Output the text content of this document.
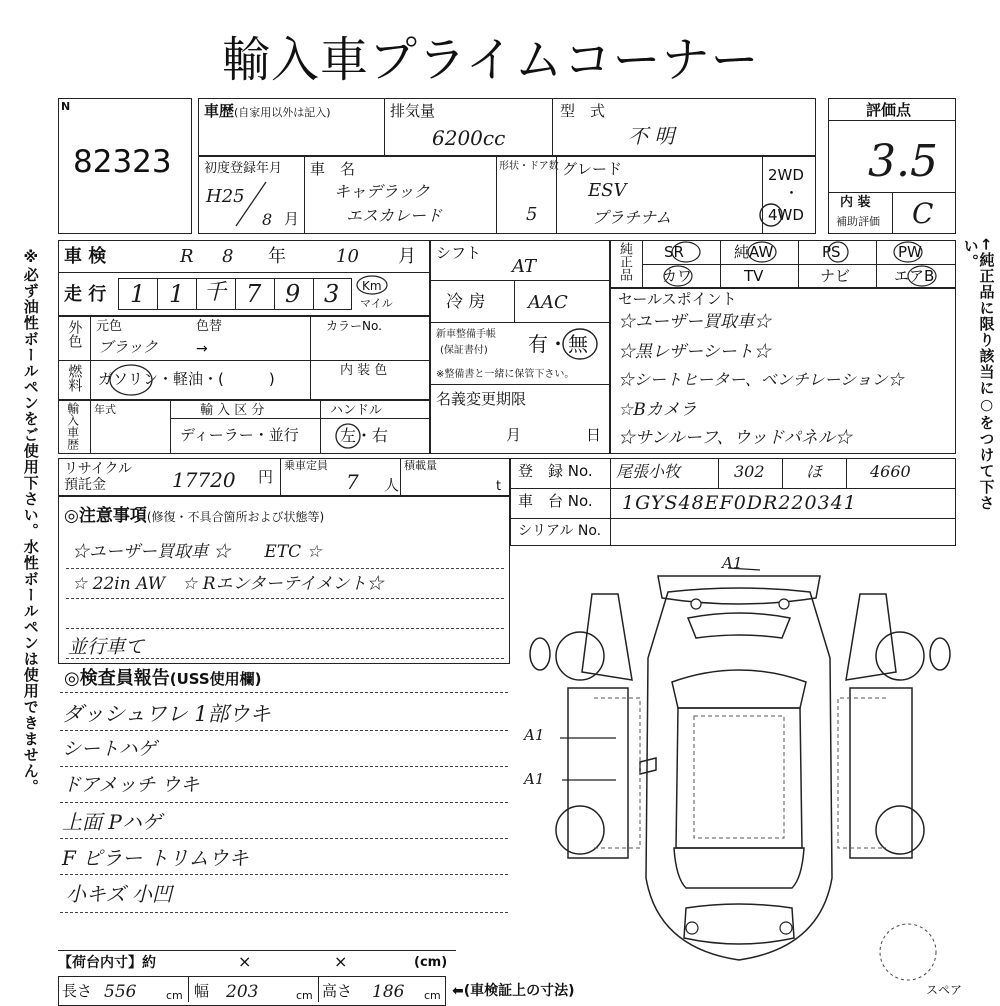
輸入車プライムコーナー
※必ず油性ボールペンをご使用下さい。水性ボールペンは使用できません。	←純正品に限り該当に○をつけて下さい。
N
82323
車歴(自家用以外は記入)	排気量
6200cc
型　式
不 明
評価点
3.5
内 装
補助評価 C
初度登録年月
H25
8 月
車　名
キャデラック
エスカレード
形状・ドア数
5
グレード
ESV
プラチナム
2WD
・
4WD
車 検	R 8 年	10 月
走 行 1 1 千 7 9 3 Km
マイル
外色 元色	色替	カラーNo.
ブラック	→
燃料 ガソリン・軽油・(　　　)	内 装 色
輸入車歴 年式	輸 入 区 分	ハンドル
ディーラー・並行	左・右
シフト
AT
冷 房 AAC
新車整備手帳
(保証書付) 有・無
※整備書と一緒に保管下さい。
名義変更期限
月	日
純正品 SR	純AW	PS	PW
カワ	TV	ナビ	エアB
セールスポイント
☆ユーザー買取車☆
☆黒レザーシート☆
☆シートヒーター、ベンチレーション☆
☆Bカメラ
☆サンルーフ、ウッドパネル☆
リサイクル
預託金	17720 円
乗車定員
7 人
積載量
t
登　録 No. 尾張小牧	302	ほ	4660
車　台 No. 1GYS48EF0DR220341
シリアル No.
◎注意事項(修復・不具合箇所および状態等)
☆ユーザー買取車 ☆　　ETC ☆
☆ 22in AW　☆ Rエンターテイメント☆
並行車て
◎検査員報告(USS使用欄)
ダッシュワレ 1部ウキ
シートハゲ
ドアメッチ ウキ
上面 Pハゲ
F ピラー トリムウキ
小キズ 小凹
A1
A1
A1
スペア
【荷台内寸】約	×	×	(cm)
長さ 556	cm 幅 203	cm 高さ 186 cm ⬅(車検証上の寸法)
